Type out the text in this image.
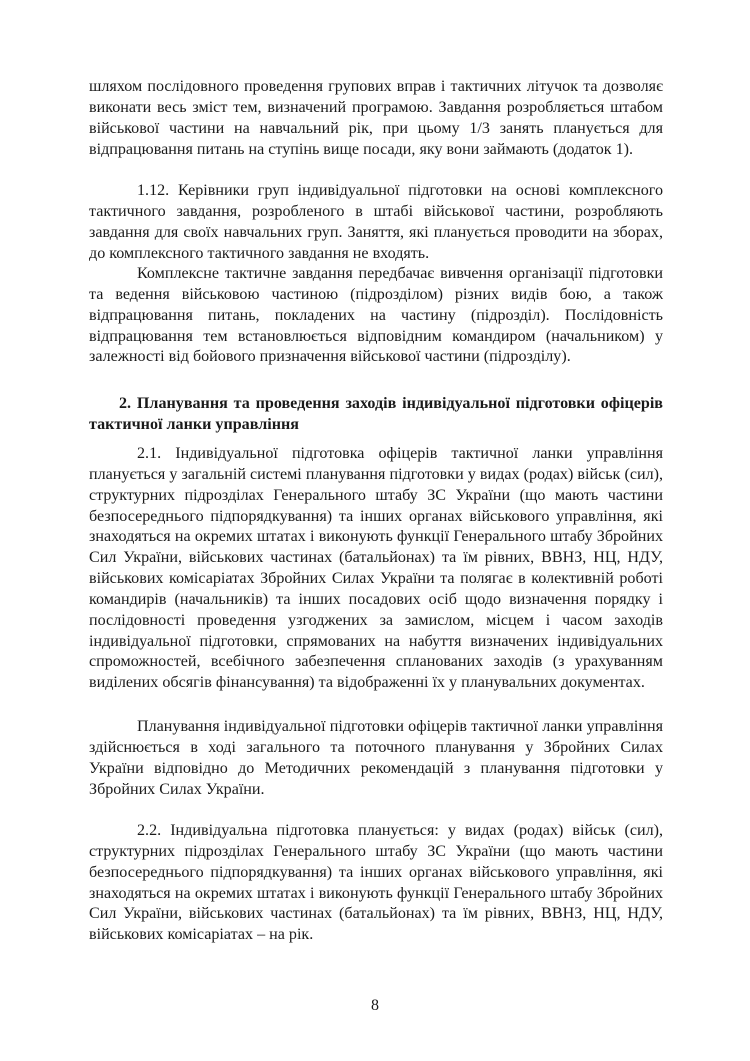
шляхом послідовного проведення групових вправ і тактичних літучок та дозволяє виконати весь зміст тем, визначений програмою. Завдання розробляється штабом військової частини на навчальний рік, при цьому 1/3 занять планується для відпрацювання питань на ступінь вище посади, яку вони займають (додаток 1).

1.12. Керівники груп індивідуальної підготовки на основі комплексного тактичного завдання, розробленого в штабі військової частини, розробляють завдання для своїх навчальних груп. Заняття, які планується проводити на зборах, до комплексного тактичного завдання не входять.

Комплексне тактичне завдання передбачає вивчення організації підготовки та ведення військовою частиною (підрозділом) різних видів бою, а також відпрацювання питань, покладених на частину (підрозділ). Послідовність відпрацювання тем встановлюється відповідним командиром (начальником) у залежності від бойового призначення військової частини (підрозділу).

2. Планування та проведення заходів індивідуальної підготовки офіцерів тактичної ланки управління

2.1. Індивідуальної підготовка офіцерів тактичної ланки управління планується у загальній системі планування підготовки у видах (родах) військ (сил), структурних підрозділах Генерального штабу ЗС України (що мають частини безпосереднього підпорядкування) та інших органах військового управління, які знаходяться на окремих штатах і виконують функції Генерального штабу Збройних Сил України, військових частинах (батальйонах) та їм рівних, ВВНЗ, НЦ, НДУ, військових комісаріатах Збройних Силах України та полягає в колективній роботі командирів (начальників) та інших посадових осіб щодо визначення порядку і послідовності проведення узгоджених за замислом, місцем і часом заходів індивідуальної підготовки, спрямованих на набуття визначених індивідуальних спроможностей, всебічного забезпечення спланованих заходів (з урахуванням виділених обсягів фінансування) та відображенні їх у планувальних документах.

Планування індивідуальної підготовки офіцерів тактичної ланки управління здійснюється в ході загального та поточного планування у Збройних Силах України відповідно до Методичних рекомендацій з планування підготовки у Збройних Силах України.

2.2. Індивідуальна підготовка планується: у видах (родах) військ (сил), структурних підрозділах Генерального штабу ЗС України (що мають частини безпосереднього підпорядкування) та інших органах військового управління, які знаходяться на окремих штатах і виконують функції Генерального штабу Збройних Сил України, військових частинах (батальйонах) та їм рівних, ВВНЗ, НЦ, НДУ, військових комісаріатах – на рік.

8
